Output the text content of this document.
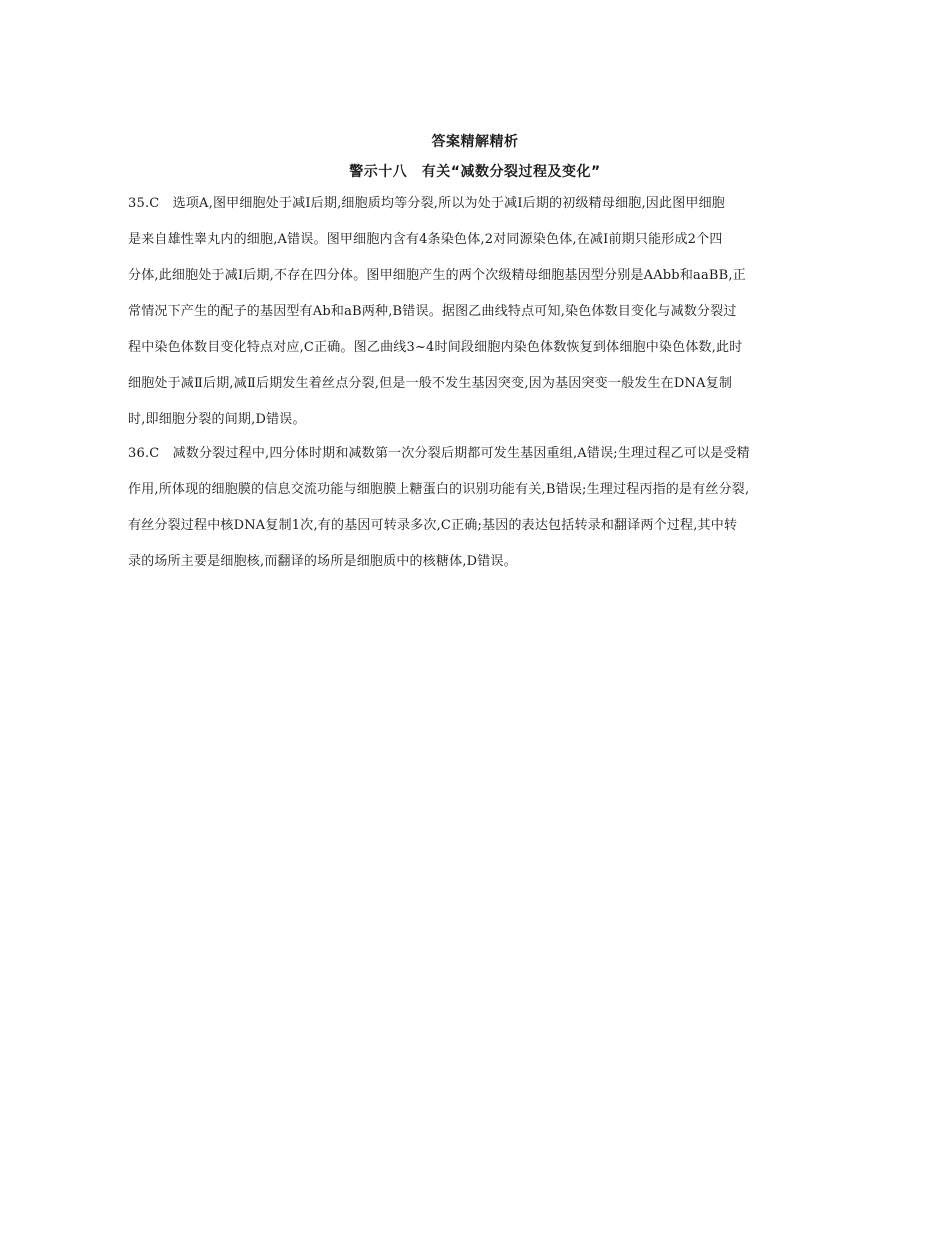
答案精解精析
警示十八　有关“减数分裂过程及变化”
35.C　选项A,图甲细胞处于减Ⅰ后期,细胞质均等分裂,所以为处于减Ⅰ后期的初级精母细胞,因此图甲细胞
是来自雄性睾丸内的细胞,A错误。图甲细胞内含有4条染色体,2对同源染色体,在减Ⅰ前期只能形成2个四
分体,此细胞处于减Ⅰ后期,不存在四分体。图甲细胞产生的两个次级精母细胞基因型分别是AAbb和aaBB,正
常情况下产生的配子的基因型有Ab和aB两种,B错误。据图乙曲线特点可知,染色体数目变化与减数分裂过
程中染色体数目变化特点对应,C正确。图乙曲线3~4时间段细胞内染色体数恢复到体细胞中染色体数,此时
细胞处于减Ⅱ后期,减Ⅱ后期发生着丝点分裂,但是一般不发生基因突变,因为基因突变一般发生在DNA复制
时,即细胞分裂的间期,D错误。
36.C　减数分裂过程中,四分体时期和减数第一次分裂后期都可发生基因重组,A错误;生理过程乙可以是受精
作用,所体现的细胞膜的信息交流功能与细胞膜上糖蛋白的识别功能有关,B错误;生理过程丙指的是有丝分裂,
有丝分裂过程中核DNA复制1次,有的基因可转录多次,C正确;基因的表达包括转录和翻译两个过程,其中转
录的场所主要是细胞核,而翻译的场所是细胞质中的核糖体,D错误。
